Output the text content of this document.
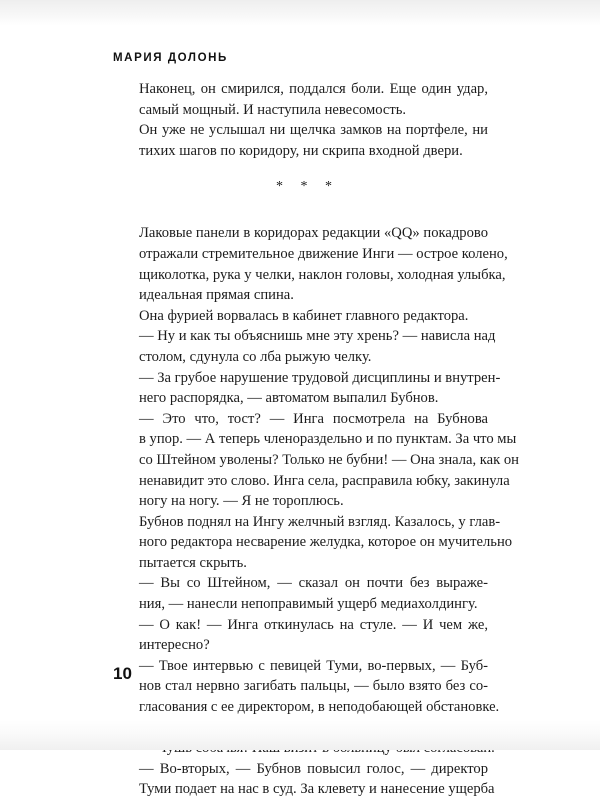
МАРИЯ ДОЛОНЬ

Наконец, он смирился, поддался боли. Еще один удар,
самый мощный. И наступила невесомость.

Он уже не услышал ни щелчка замков на портфеле, ни
тихих шагов по коридору, ни скрипа входной двери.

* * *

Лаковые панели в коридорах редакции «QQ» покадрово
отражали стремительное движение Инги — острое колено,
щиколотка, рука у челки, наклон головы, холодная улыбка,
идеальная прямая спина.

Она фурией ворвалась в кабинет главного редактора.

— Ну и как ты объяснишь мне эту хрень? — нависла над
столом, сдунула со лба рыжую челку.

— За грубое нарушение трудовой дисциплины и внутрен-
него распорядка, — автоматом выпалил Бубнов.

— Это что, тост? — Инга посмотрела на Бубнова
в упор. — А теперь членораздельно и по пунктам. За что мы
со Штейном уволены? Только не бубни! — Она знала, как он
ненавидит это слово. Инга села, расправила юбку, закинула
ногу на ногу. — Я не тороплюсь.

Бубнов поднял на Ингу желчный взгляд. Казалось, у глав-
ного редактора несварение желудка, которое он мучительно
пытается скрыть.

— Вы со Штейном, — сказал он почти без выраже-
ния, — нанесли непоправимый ущерб медиахолдингу.

— О как! — Инга откинулась на стуле. — И чем же,
интересно?

— Твое интервью с певицей Туми, во-первых, — Буб-
нов стал нервно загибать пальцы, — было взято без со-
гласования с ее директором, в неподобающей обстановке.

— Во-вторых, — Бубнов повысил голос, — директор
Туми подает на нас в суд. За клевету и нанесение ущерба

10
